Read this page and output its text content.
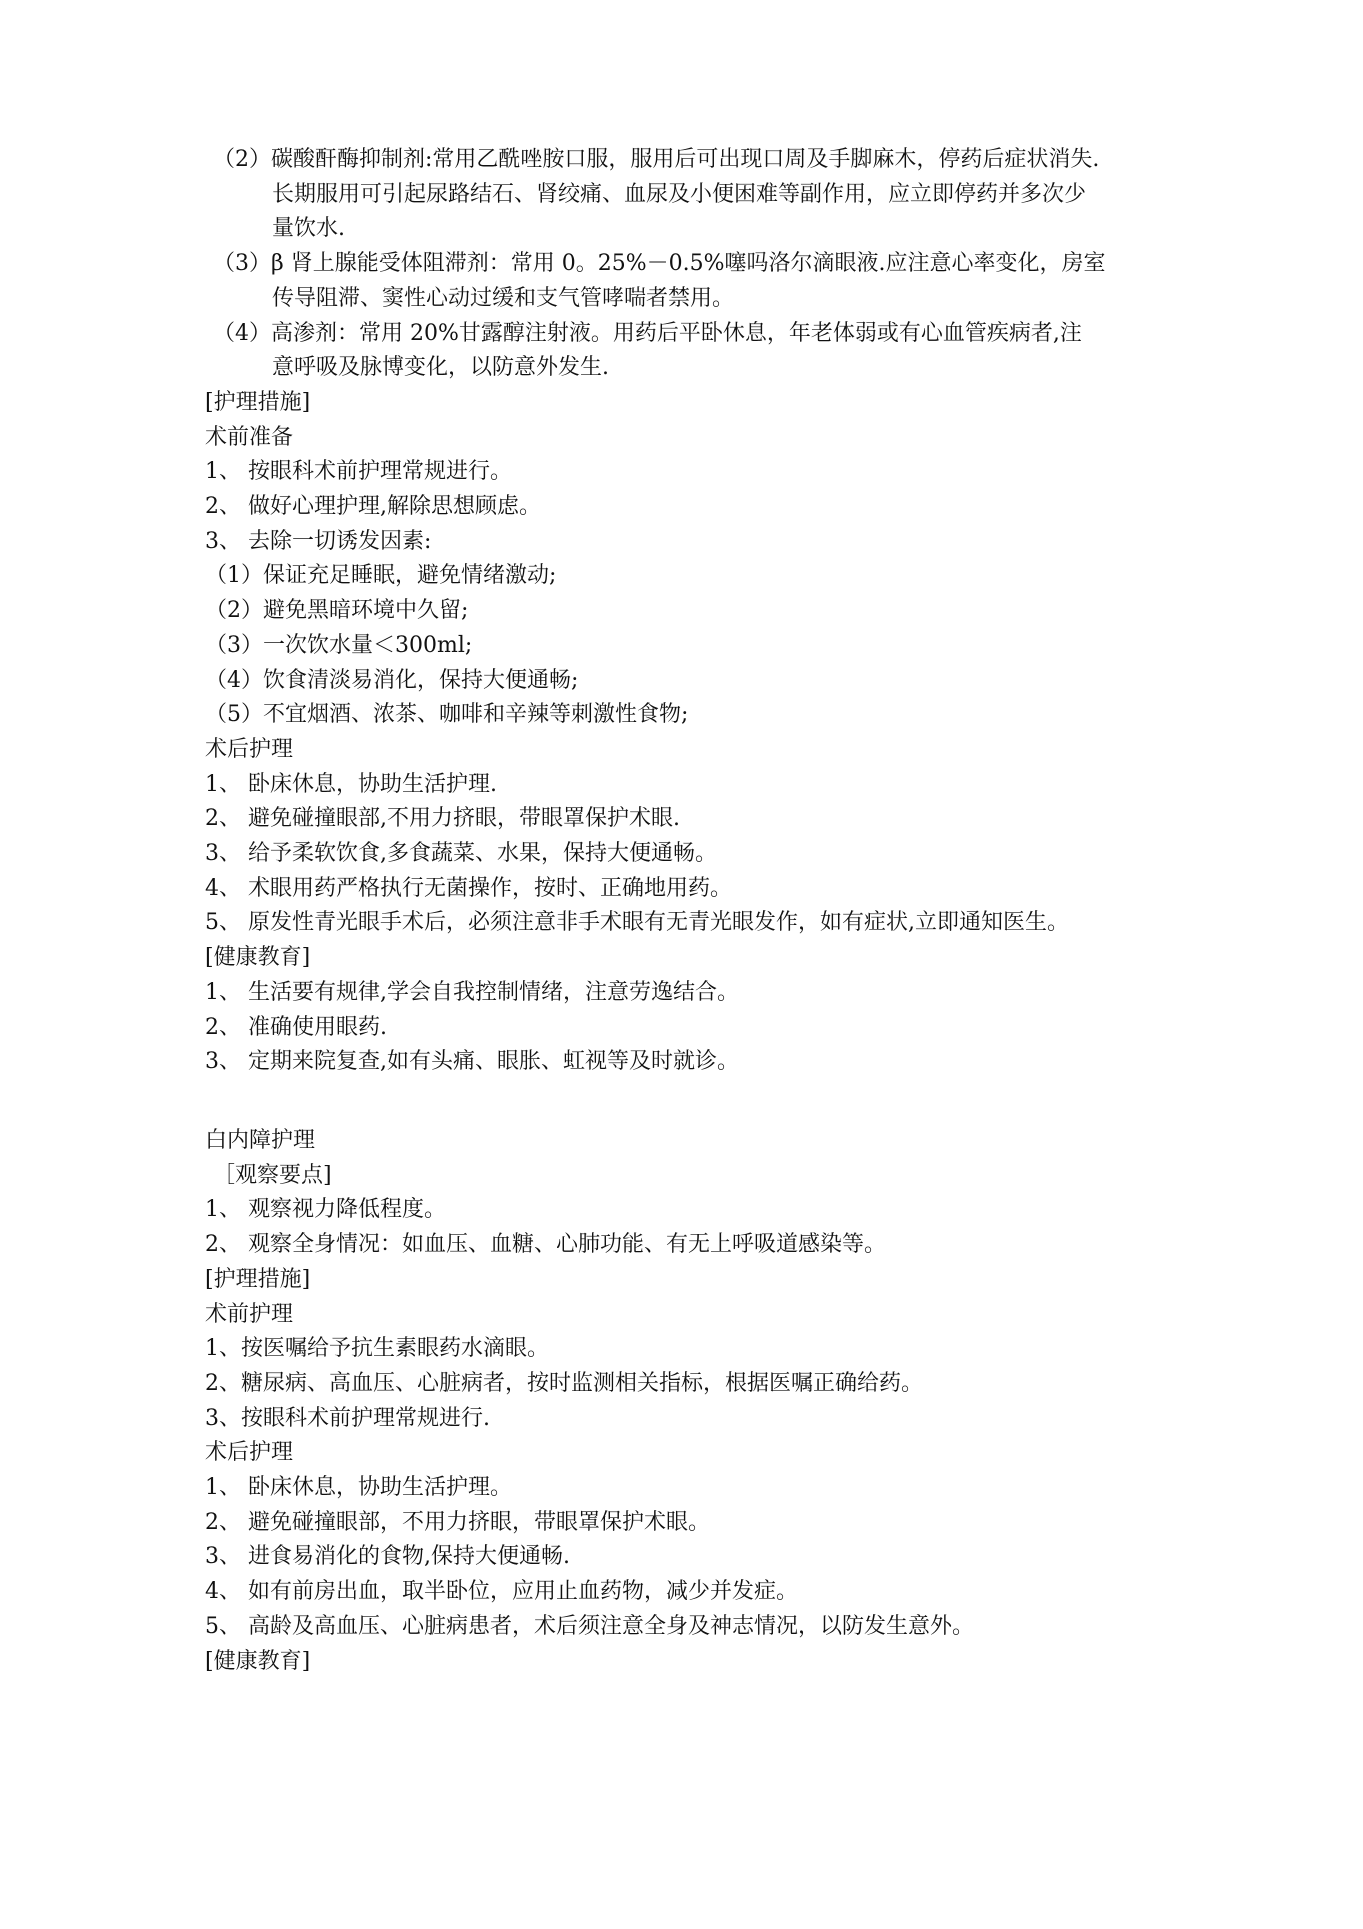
（2）碳酸酐酶抑制剂:常用乙酰唑胺口服，服用后可出现口周及手脚麻木，停药后症状消失.
长期服用可引起尿路结石、肾绞痛、血尿及小便困难等副作用，应立即停药并多次少
量饮水.
（3）β 肾上腺能受体阻滞剂：常用 0。25%－0.5%噻吗洛尔滴眼液.应注意心率变化，房室
传导阻滞、窦性心动过缓和支气管哮喘者禁用。
（4）高渗剂：常用 20%甘露醇注射液。用药后平卧休息，年老体弱或有心血管疾病者,注
意呼吸及脉博变化，以防意外发生.
[护理措施]
术前准备
1、 按眼科术前护理常规进行。
2、 做好心理护理,解除思想顾虑。
3、 去除一切诱发因素:
（1）保证充足睡眠，避免情绪激动;
（2）避免黑暗环境中久留;
（3）一次饮水量＜300ml;
（4）饮食清淡易消化，保持大便通畅;
（5）不宜烟酒、浓茶、咖啡和辛辣等刺激性食物;
术后护理
1、 卧床休息，协助生活护理.
2、 避免碰撞眼部,不用力挤眼，带眼罩保护术眼.
3、 给予柔软饮食,多食蔬菜、水果，保持大便通畅。
4、 术眼用药严格执行无菌操作，按时、正确地用药。
5、 原发性青光眼手术后，必须注意非手术眼有无青光眼发作，如有症状,立即通知医生。
[健康教育]
1、 生活要有规律,学会自我控制情绪，注意劳逸结合。
2、 准确使用眼药.
3、 定期来院复查,如有头痛、眼胀、虹视等及时就诊。
白内障护理
［观察要点]
1、 观察视力降低程度。
2、 观察全身情况：如血压、血糖、心肺功能、有无上呼吸道感染等。
[护理措施]
术前护理
1、按医嘱给予抗生素眼药水滴眼。
2、糖尿病、高血压、心脏病者，按时监测相关指标，根据医嘱正确给药。
3、按眼科术前护理常规进行.
术后护理
1、 卧床休息，协助生活护理。
2、 避免碰撞眼部，不用力挤眼，带眼罩保护术眼。
3、 进食易消化的食物,保持大便通畅.
4、 如有前房出血，取半卧位，应用止血药物，减少并发症。
5、 高龄及高血压、心脏病患者，术后须注意全身及神志情况，以防发生意外。
[健康教育]
